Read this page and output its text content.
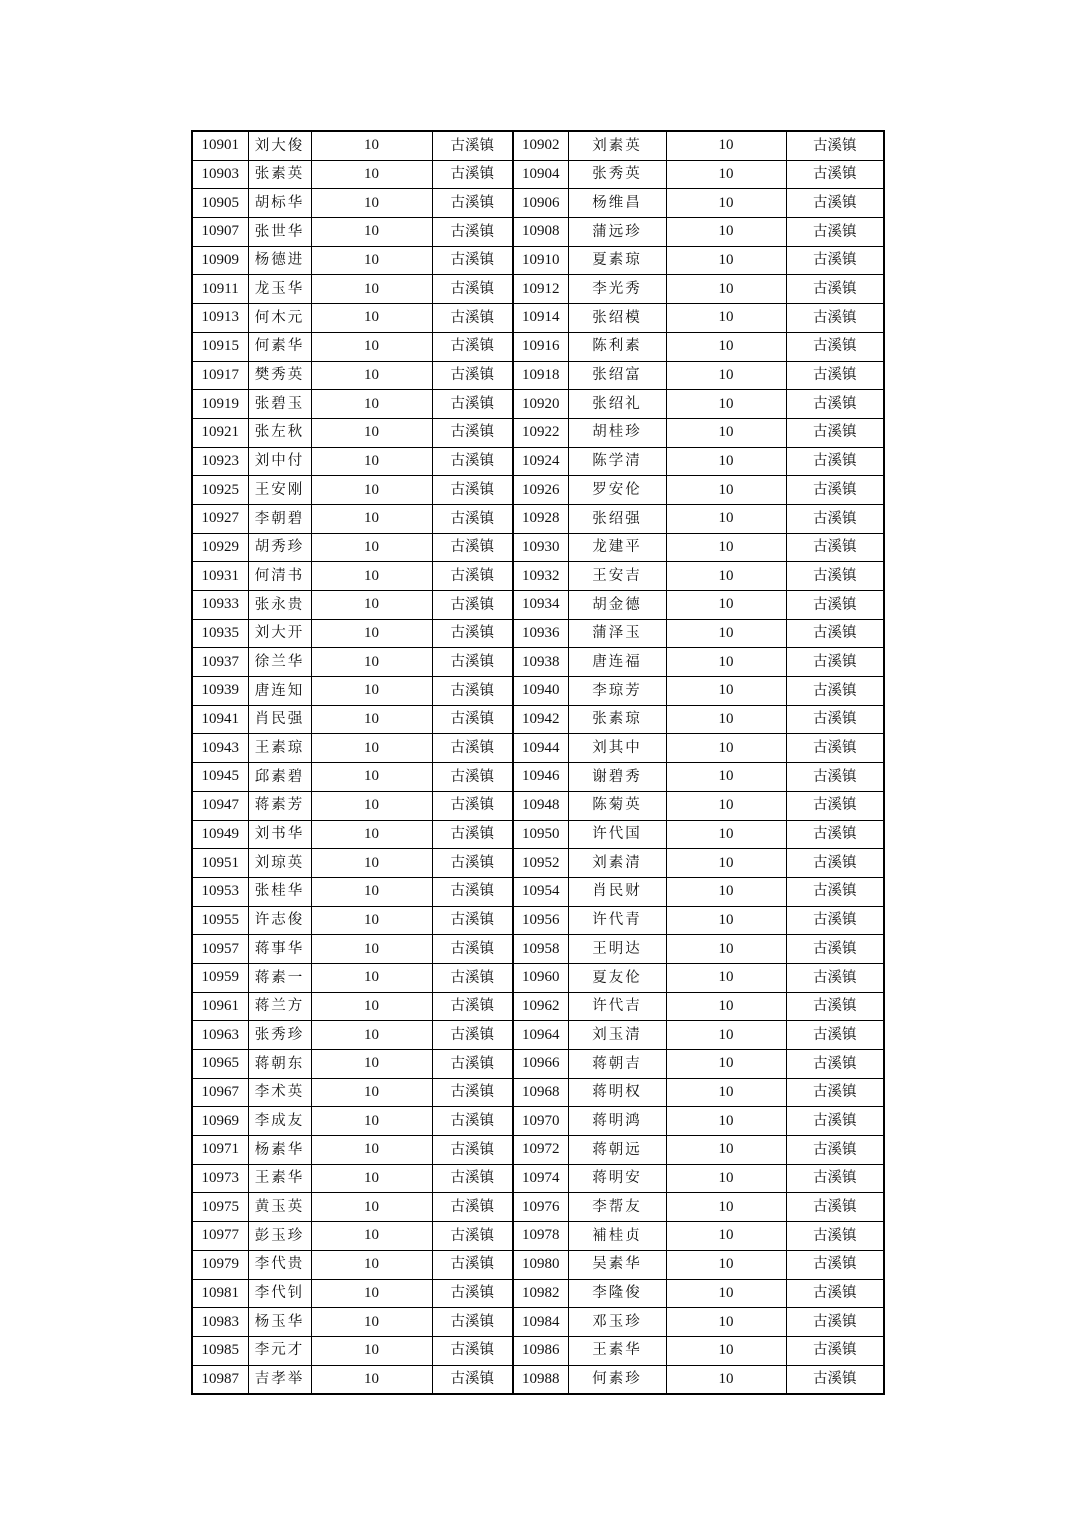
10901	刘大俊	10	古溪镇	10902	刘素英	10	古溪镇
10903	张素英	10	古溪镇	10904	张秀英	10	古溪镇
10905	胡标华	10	古溪镇	10906	杨维昌	10	古溪镇
10907	张世华	10	古溪镇	10908	蒲远珍	10	古溪镇
10909	杨德进	10	古溪镇	10910	夏素琼	10	古溪镇
10911	龙玉华	10	古溪镇	10912	李光秀	10	古溪镇
10913	何木元	10	古溪镇	10914	张绍模	10	古溪镇
10915	何素华	10	古溪镇	10916	陈利素	10	古溪镇
10917	樊秀英	10	古溪镇	10918	张绍富	10	古溪镇
10919	张碧玉	10	古溪镇	10920	张绍礼	10	古溪镇
10921	张左秋	10	古溪镇	10922	胡桂珍	10	古溪镇
10923	刘中付	10	古溪镇	10924	陈学清	10	古溪镇
10925	王安刚	10	古溪镇	10926	罗安伦	10	古溪镇
10927	李朝碧	10	古溪镇	10928	张绍强	10	古溪镇
10929	胡秀珍	10	古溪镇	10930	龙建平	10	古溪镇
10931	何清书	10	古溪镇	10932	王安吉	10	古溪镇
10933	张永贵	10	古溪镇	10934	胡金德	10	古溪镇
10935	刘大开	10	古溪镇	10936	蒲泽玉	10	古溪镇
10937	徐兰华	10	古溪镇	10938	唐连福	10	古溪镇
10939	唐连知	10	古溪镇	10940	李琼芳	10	古溪镇
10941	肖民强	10	古溪镇	10942	张素琼	10	古溪镇
10943	王素琼	10	古溪镇	10944	刘其中	10	古溪镇
10945	邱素碧	10	古溪镇	10946	谢碧秀	10	古溪镇
10947	蒋素芳	10	古溪镇	10948	陈菊英	10	古溪镇
10949	刘书华	10	古溪镇	10950	许代国	10	古溪镇
10951	刘琼英	10	古溪镇	10952	刘素清	10	古溪镇
10953	张桂华	10	古溪镇	10954	肖民财	10	古溪镇
10955	许志俊	10	古溪镇	10956	许代青	10	古溪镇
10957	蒋事华	10	古溪镇	10958	王明达	10	古溪镇
10959	蒋素一	10	古溪镇	10960	夏友伦	10	古溪镇
10961	蒋兰方	10	古溪镇	10962	许代吉	10	古溪镇
10963	张秀珍	10	古溪镇	10964	刘玉清	10	古溪镇
10965	蒋朝东	10	古溪镇	10966	蒋朝吉	10	古溪镇
10967	李术英	10	古溪镇	10968	蒋明权	10	古溪镇
10969	李成友	10	古溪镇	10970	蒋明鸿	10	古溪镇
10971	杨素华	10	古溪镇	10972	蒋朝远	10	古溪镇
10973	王素华	10	古溪镇	10974	蒋明安	10	古溪镇
10975	黄玉英	10	古溪镇	10976	李帮友	10	古溪镇
10977	彭玉珍	10	古溪镇	10978	補桂贞	10	古溪镇
10979	李代贵	10	古溪镇	10980	吴素华	10	古溪镇
10981	李代钊	10	古溪镇	10982	李隆俊	10	古溪镇
10983	杨玉华	10	古溪镇	10984	邓玉珍	10	古溪镇
10985	李元才	10	古溪镇	10986	王素华	10	古溪镇
10987	吉孝举	10	古溪镇	10988	何素珍	10	古溪镇
